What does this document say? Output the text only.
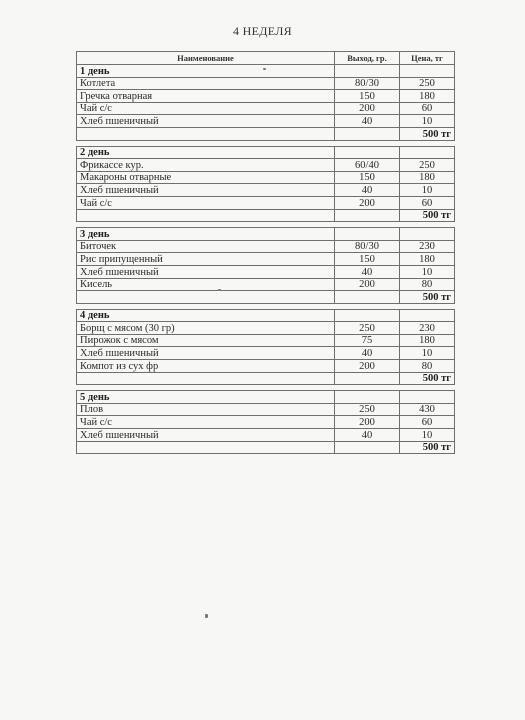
4 НЕДЕЛЯ
Наименование	Выход, гр.	Цена, тг
1 день		
Котлета	80/30	250
Гречка отварная	150	180
Чай с/с	200	60
Хлеб пшеничный	40	10
		500 тг

2 день		
Фрикассе кур.	60/40	250
Макароны отварные	150	180
Хлеб пшеничный	40	10
Чай с/с	200	60
		500 тг

3 день		
Биточек	80/30	230
Рис припущенный	150	180
Хлеб пшеничный	40	10
Кисель	200	80
		500 тг

4 день		
Борщ с мясом (30 гр)	250	230
Пирожок с мясом	75	180
Хлеб пшеничный	40	10
Компот из сух фр	200	80
		500 тг

5 день		
Плов	250	430
Чай с/с	200	60
Хлеб пшеничный	40	10
		500 тг
